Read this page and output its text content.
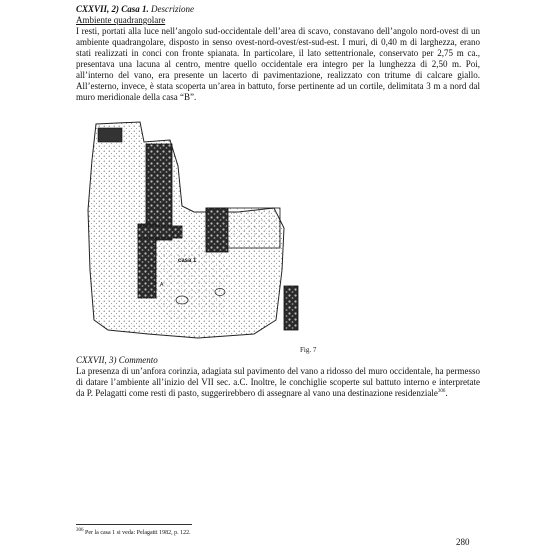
CXXVII, 2) Casa 1. Descrizione

Ambiente quadrangolare

I resti, portati alla luce nell’angolo sud-occidentale dell’area di scavo, constavano dell’angolo nord-ovest di un ambiente quadrangolare, disposto in senso ovest-nord-ovest/est-sud-est. I muri, di 0,40 m di larghezza, erano stati realizzati in conci con fronte spianata. In particolare, il lato settentrionale, conservato per 2,75 m ca., presentava una lacuna al centro, mentre quello occidentale era integro per la lunghezza di 2,50 m. Poi, all’interno del vano, era presente un lacerto di pavimentazione, realizzato con tritume di calcare giallo. All’esterno, invece, è stata scoperta un’area in battuto, forse pertinente ad un cortile, delimitata 3 m a nord dal muro meridionale della casa “B”.

casa 1
A

Fig. 7

CXXVII, 3) Commento

La presenza di un’anfora corinzia, adagiata sul pavimento del vano a ridosso del muro occidentale, ha permesso di datare l’ambiente all’inizio del VII sec. a.C. Inoltre, le conchiglie scoperte sul battuto interno e interpretate da P. Pelagatti come resti di pasto, suggerirebbero di assegnare al vano una destinazione residenziale$^{306}$.

$^{306}$ Per la casa 1 si veda: Pelagatti 1982, p. 122.

280
